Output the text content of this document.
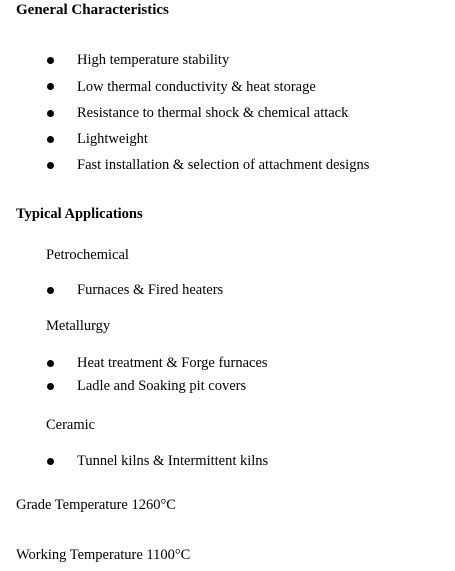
General Characteristics
High temperature stability
Low thermal conductivity & heat storage
Resistance to thermal shock & chemical attack
Lightweight
Fast installation & selection of attachment designs
Typical Applications
Petrochemical
Furnaces & Fired heaters
Metallurgy
Heat treatment & Forge furnaces
Ladle and Soaking pit covers
Ceramic
Tunnel kilns & Intermittent kilns
Grade Temperature 1260°C
Working Temperature 1100°C
